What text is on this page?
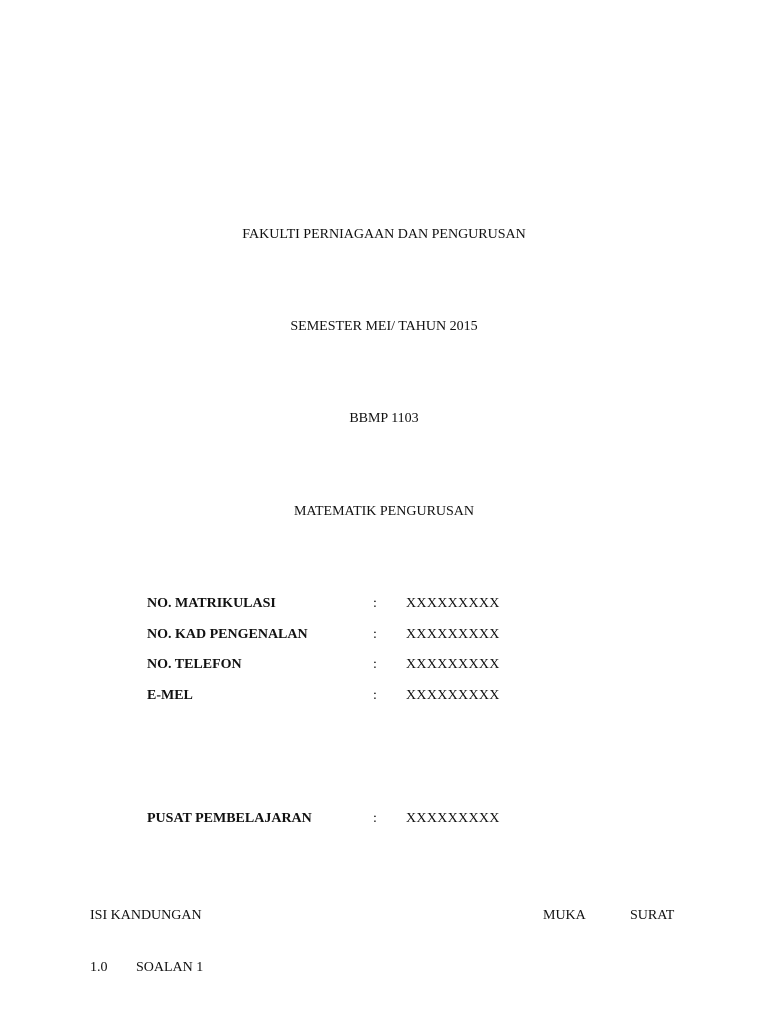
FAKULTI PERNIAGAAN DAN PENGURUSAN
SEMESTER MEI/ TAHUN 2015
BBMP 1103
MATEMATIK PENGURUSAN
NO. MATRIKULASI	: XXXXXXXXX
NO. KAD PENGENALAN	: XXXXXXXXX
NO. TELEFON	: XXXXXXXXX
E-MEL	: XXXXXXXXX
PUSAT PEMBELAJARAN	: XXXXXXXXX
ISI KANDUNGAN	MUKA	SURAT
1.0 SOALAN 1
